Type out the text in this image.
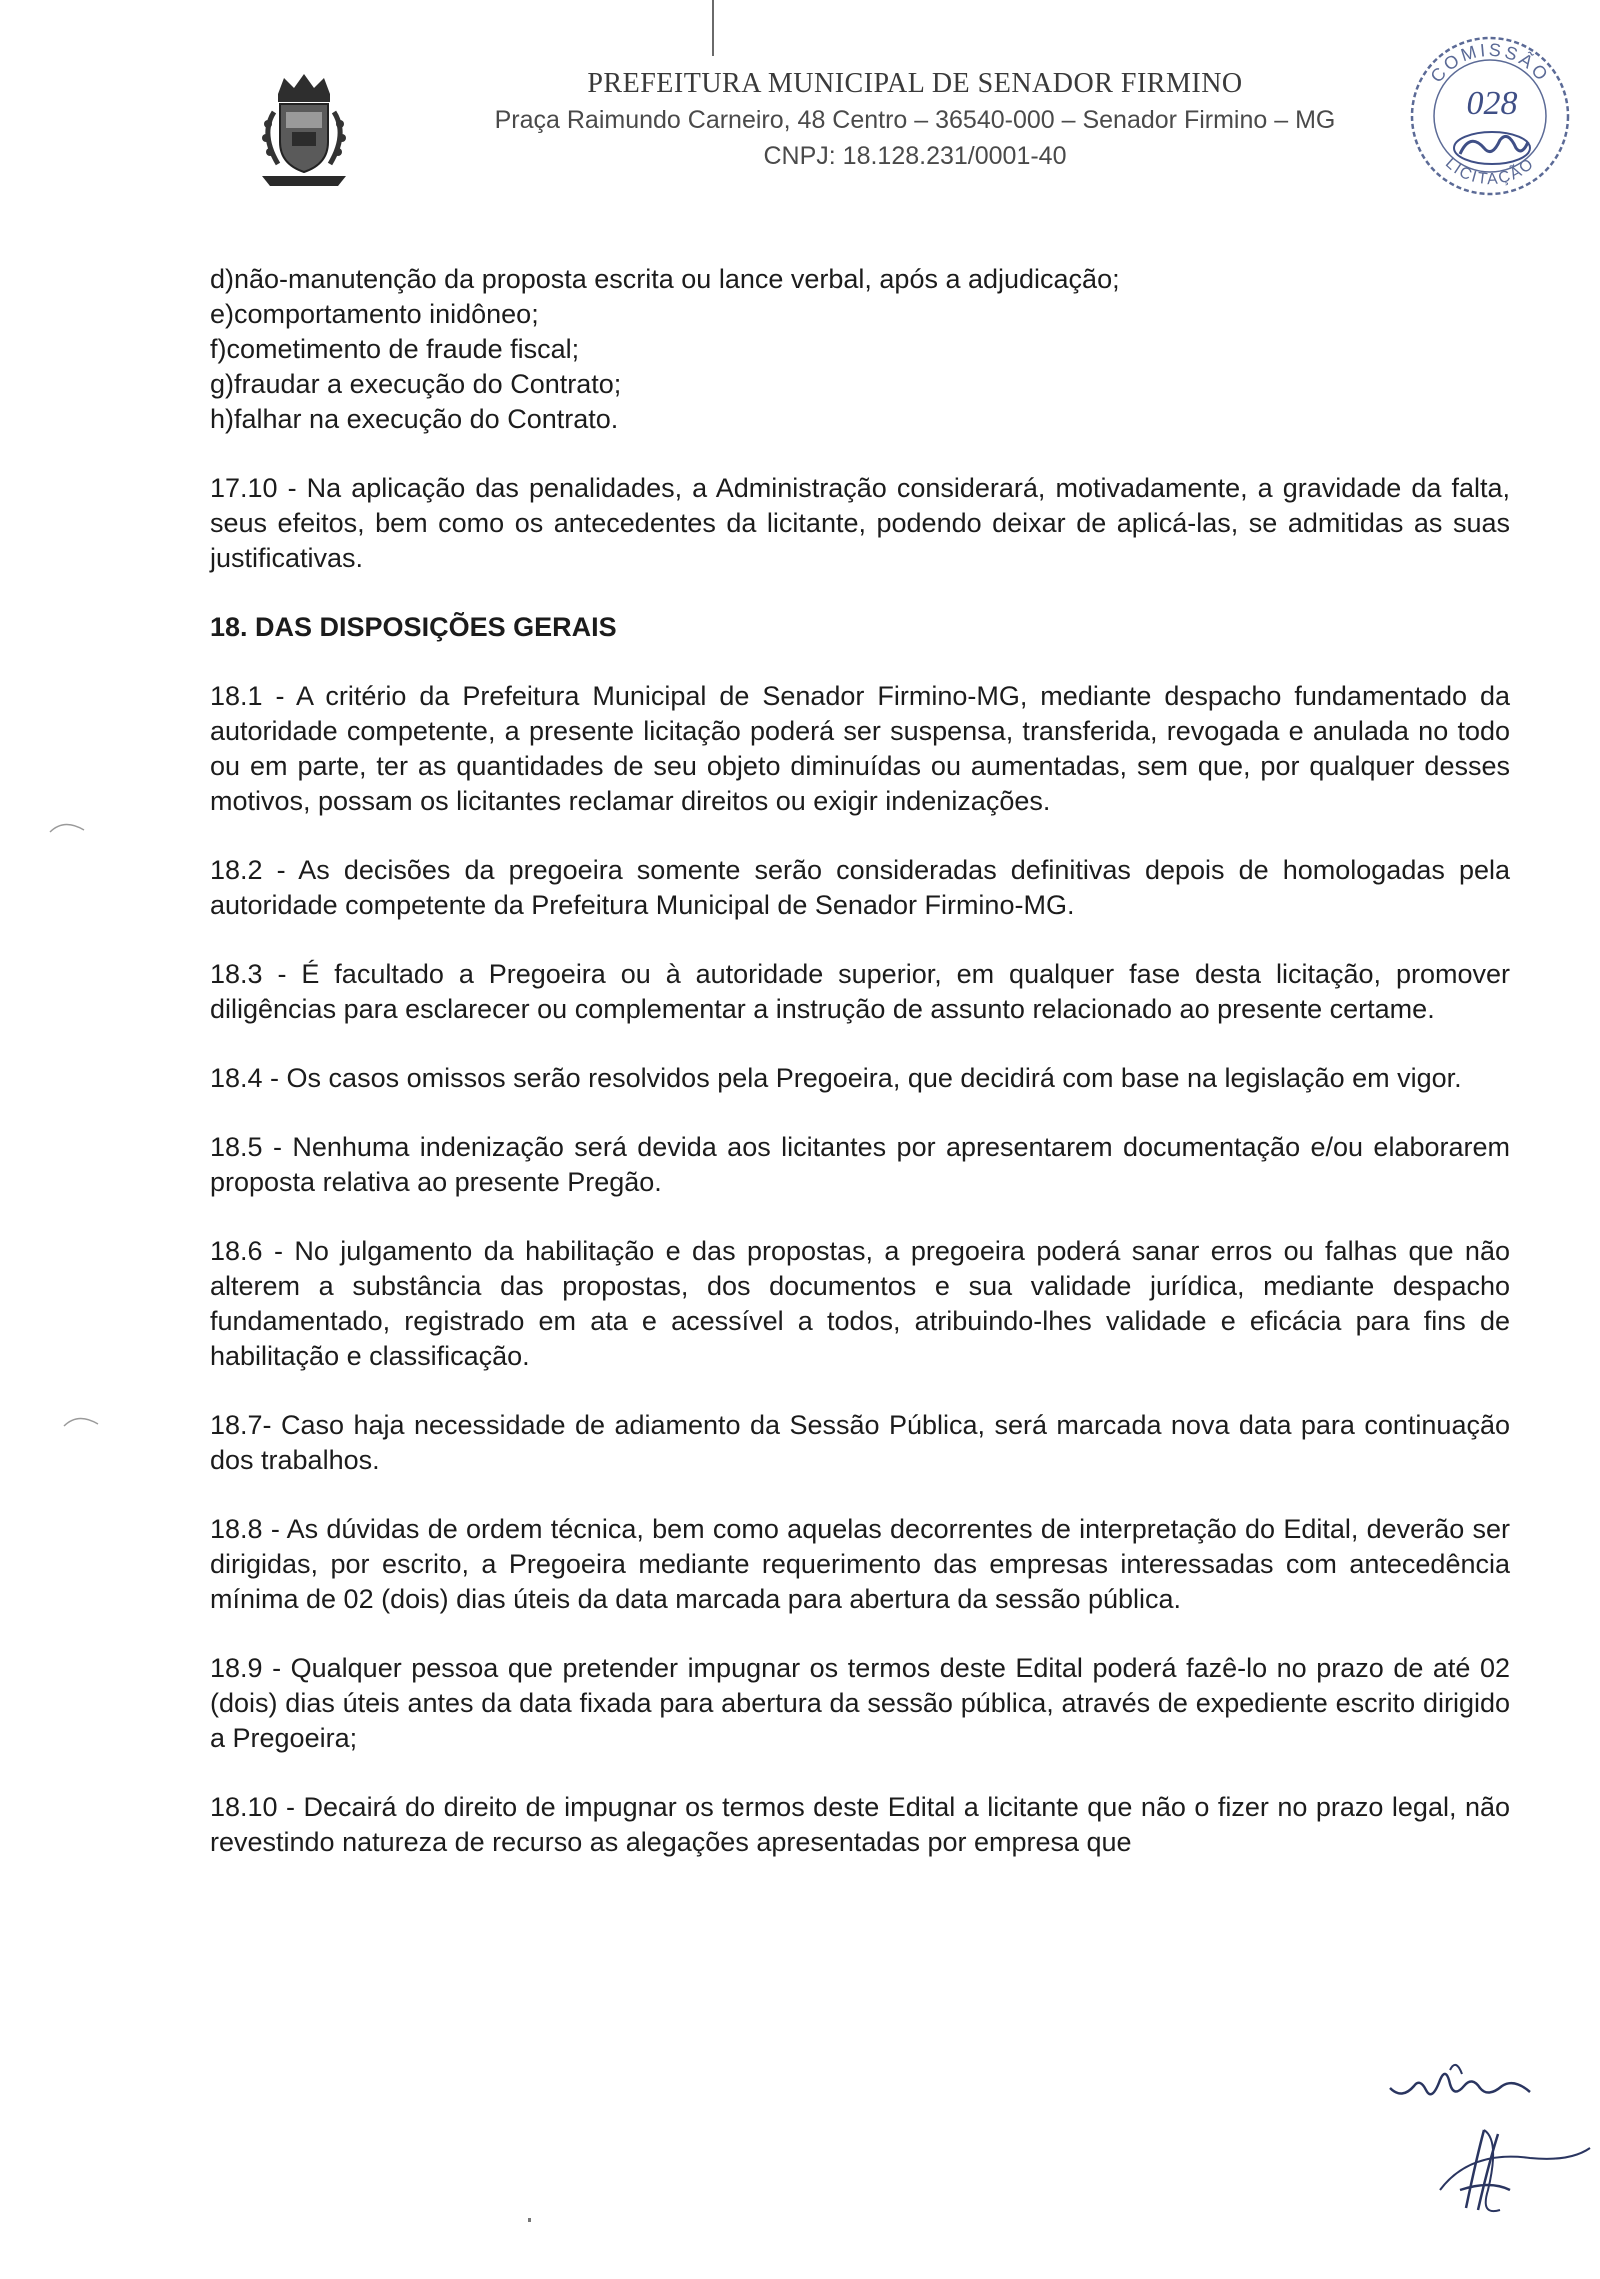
PREFEITURA MUNICIPAL DE SENADOR FIRMINO
Praça Raimundo Carneiro, 48 Centro – 36540-000 – Senador Firmino – MG
CNPJ: 18.128.231/0001-40
COMISSÃO
LICITAÇÃO
028

d)não-manutenção da proposta escrita ou lance verbal, após a adjudicação;

e)comportamento inidôneo;

f)cometimento de fraude fiscal;

g)fraudar a execução do Contrato;

h)falhar na execução do Contrato.

17.10 - Na aplicação das penalidades, a Administração considerará, motivadamente, a gravidade da falta, seus efeitos, bem como os antecedentes da licitante, podendo deixar de aplicá-las, se admitidas as suas justificativas.

18. DAS DISPOSIÇÕES GERAIS

18.1 - A critério da Prefeitura Municipal de Senador Firmino-MG, mediante despacho fundamentado da autoridade competente, a presente licitação poderá ser suspensa, transferida, revogada e anulada no todo ou em parte, ter as quantidades de seu objeto diminuídas ou aumentadas, sem que, por qualquer desses motivos, possam os licitantes reclamar direitos ou exigir indenizações.

18.2 - As decisões da pregoeira somente serão consideradas definitivas depois de homologadas pela autoridade competente da Prefeitura Municipal de Senador Firmino-MG.

18.3 - É facultado a Pregoeira ou à autoridade superior, em qualquer fase desta licitação, promover diligências para esclarecer ou complementar a instrução de assunto relacionado ao presente certame.

18.4 - Os casos omissos serão resolvidos pela Pregoeira, que decidirá com base na legislação em vigor.

18.5 - Nenhuma indenização será devida aos licitantes por apresentarem documentação e/ou elaborarem proposta relativa ao presente Pregão.

18.6 - No julgamento da habilitação e das propostas, a pregoeira poderá sanar erros ou falhas que não alterem a substância das propostas, dos documentos e sua validade jurídica, mediante despacho fundamentado, registrado em ata e acessível a todos, atribuindo-lhes validade e eficácia para fins de habilitação e classificação.

18.7- Caso haja necessidade de adiamento da Sessão Pública, será marcada nova data para continuação dos trabalhos.

18.8 - As dúvidas de ordem técnica, bem como aquelas decorrentes de interpretação do Edital, deverão ser dirigidas, por escrito, a Pregoeira mediante requerimento das empresas interessadas com antecedência mínima de 02 (dois) dias úteis da data marcada para abertura da sessão pública.

18.9 - Qualquer pessoa que pretender impugnar os termos deste Edital poderá fazê-lo no prazo de até 02 (dois) dias úteis antes da data fixada para abertura da sessão pública, através de expediente escrito dirigido a Pregoeira;

18.10 - Decairá do direito de impugnar os termos deste Edital a licitante que não o fizer no prazo legal, não revestindo natureza de recurso as alegações apresentadas por empresa que
